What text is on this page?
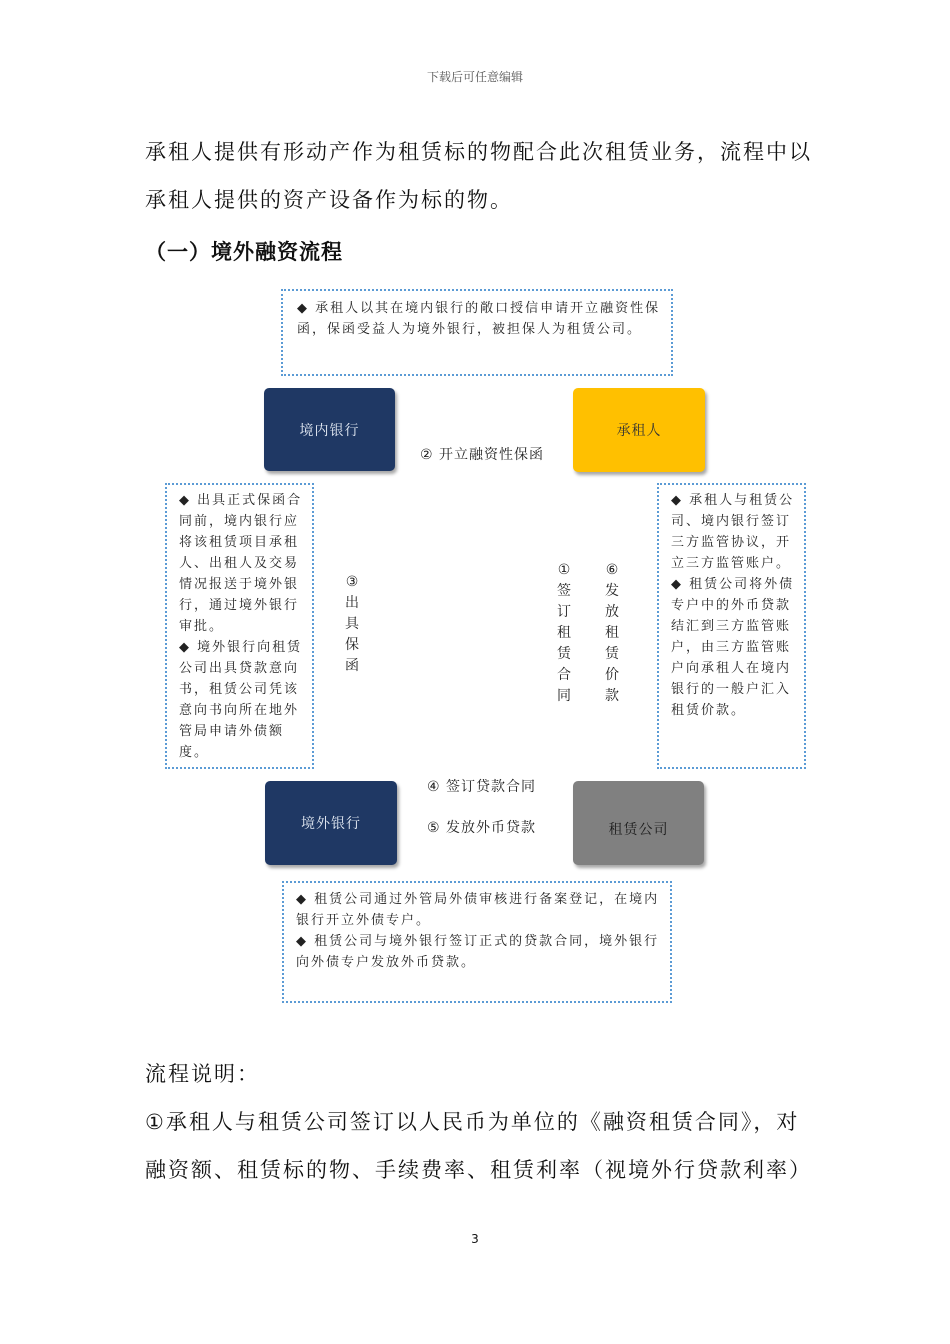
下载后可任意编辑
承租人提供有形动产作为租赁标的物配合此次租赁业务，流程中以
承租人提供的资产设备作为标的物。
（一）境外融资流程
◆ 承租人以其在境内银行的敞口授信申请开立融资性保函，保函受益人为境外银行，被担保人为租赁公司。
境内银行	承租人
境外银行	租赁公司
② 开立融资性保函
③出具保函
①签订租赁合同
⑥发放租赁价款
④ 签订贷款合同
⑤ 发放外币贷款
◆ 出具正式保函合同前，境内银行应将该租赁项目承租人、出租人及交易情况报送于境外银行，通过境外银行审批。
◆ 境外银行向租赁公司出具贷款意向书，租赁公司凭该意向书向所在地外管局申请外债额度。
◆ 承租人与租赁公司、境内银行签订三方监管协议，开立三方监管账户。
◆ 租赁公司将外债专户中的外币贷款结汇到三方监管账户，由三方监管账户向承租人在境内银行的一般户汇入租赁价款。
◆ 租赁公司通过外管局外债审核进行备案登记，在境内银行开立外债专户。
◆ 租赁公司与境外银行签订正式的贷款合同，境外银行向外债专户发放外币贷款。
流程说明：
①承租人与租赁公司签订以人民币为单位的《融资租赁合同》，对
融资额、租赁标的物、手续费率、租赁利率（视境外行贷款利率）
3
